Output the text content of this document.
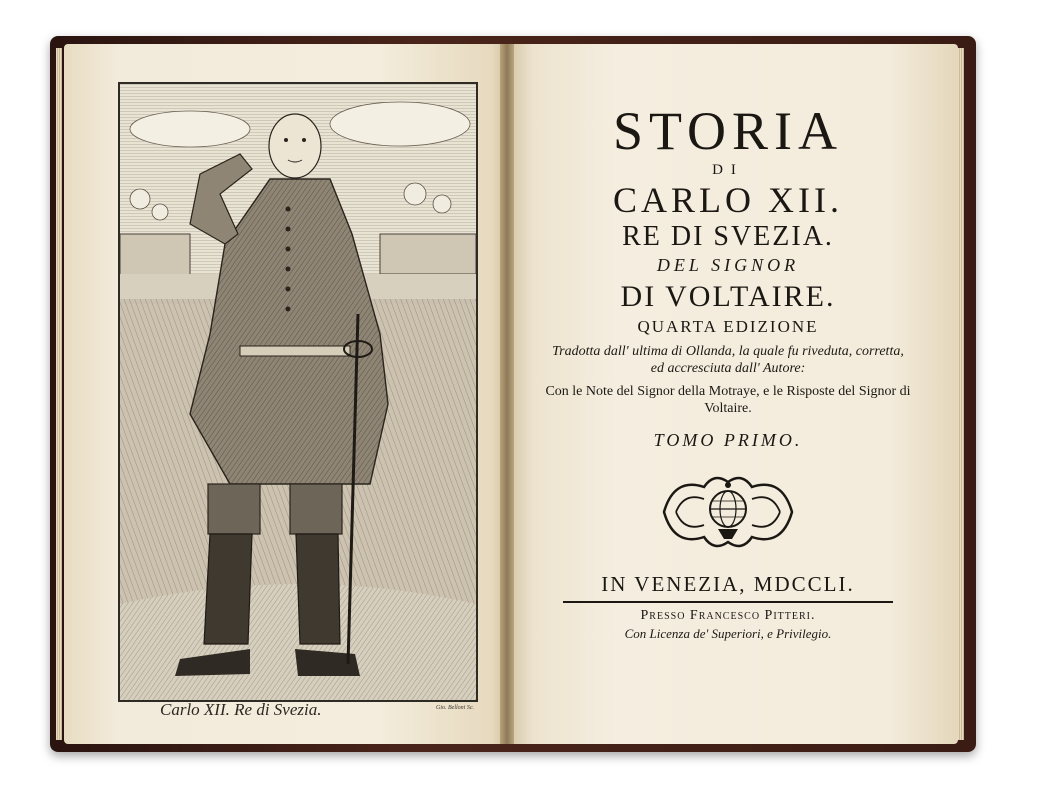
Carlo XII. Re di Svezia.	Gio. Belloni Sc.
STORIA
DI
CARLO XII.
RE DI SVEZIA.
DEL SIGNOR
DI VOLTAIRE.
QUARTA EDIZIONE
Tradotta dall' ultima di Ollanda, la quale fu riveduta, corretta, ed accresciuta dall' Autore:
Con le Note del Signor della Motraye, e le Risposte del Signor di Voltaire.
TOMO PRIMO.
IN VENEZIA, MDCCLI.
Presso Francesco Pitteri.
Con Licenza de' Superiori, e Privilegio.
